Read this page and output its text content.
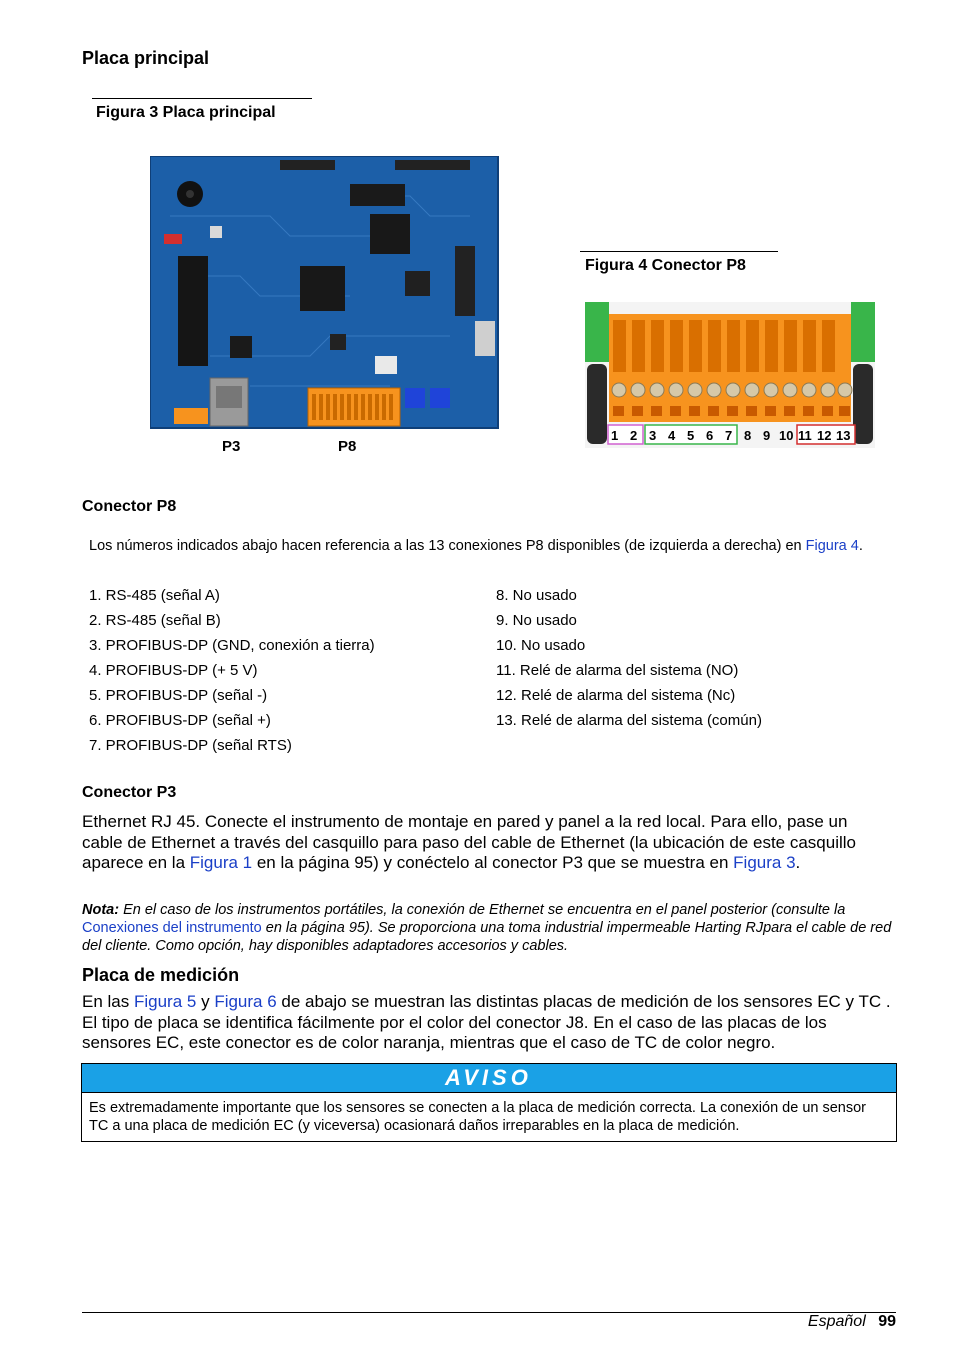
Placa principal
Figura 3 Placa principal
P3	P8
Figura 4 Conector P8
1 2 3 4 5 6 7 8 9 10 11 12 13
Conector P8
Los números indicados abajo hacen referencia a las 13 conexiones P8 disponibles (de izquierda a derecha) en Figura 4.
1. RS-485 (señal A)
2. RS-485 (señal B)
3. PROFIBUS-DP (GND, conexión a tierra)
4. PROFIBUS-DP (+ 5 V)
5. PROFIBUS-DP (señal -)
6. PROFIBUS-DP (señal +)
7. PROFIBUS-DP (señal RTS)
8. No usado
9. No usado
10. No usado
11. Relé de alarma del sistema (NO)
12. Relé de alarma del sistema (Nc)
13. Relé de alarma del sistema (común)
Conector P3
Ethernet RJ 45. Conecte el instrumento de montaje en pared y panel a la red local. Para ello, pase un cable de Ethernet a través del casquillo para paso del cable de Ethernet (la ubicación de este casquillo aparece en la Figura 1 en la página 95) y conéctelo al conector P3 que se muestra en Figura 3.
Nota: En el caso de los instrumentos portátiles, la conexión de Ethernet se encuentra en el panel posterior (consulte la Conexiones del instrumento en la página 95). Se proporciona una toma industrial impermeable Harting RJpara el cable de red del cliente. Como opción, hay disponibles adaptadores accesorios y cables.
Placa de medición
En las Figura 5 y Figura 6 de abajo se muestran las distintas placas de medición de los sensores EC y TC . El tipo de placa se identifica fácilmente por el color del conector J8. En el caso de las placas de los sensores EC, este conector es de color naranja, mientras que el caso de TC de color negro.
AVISO
Es extremadamente importante que los sensores se conecten a la placa de medición correcta. La conexión de un sensor TC a una placa de medición EC (y viceversa) ocasionará daños irreparables en la placa de medición.
Español 99
